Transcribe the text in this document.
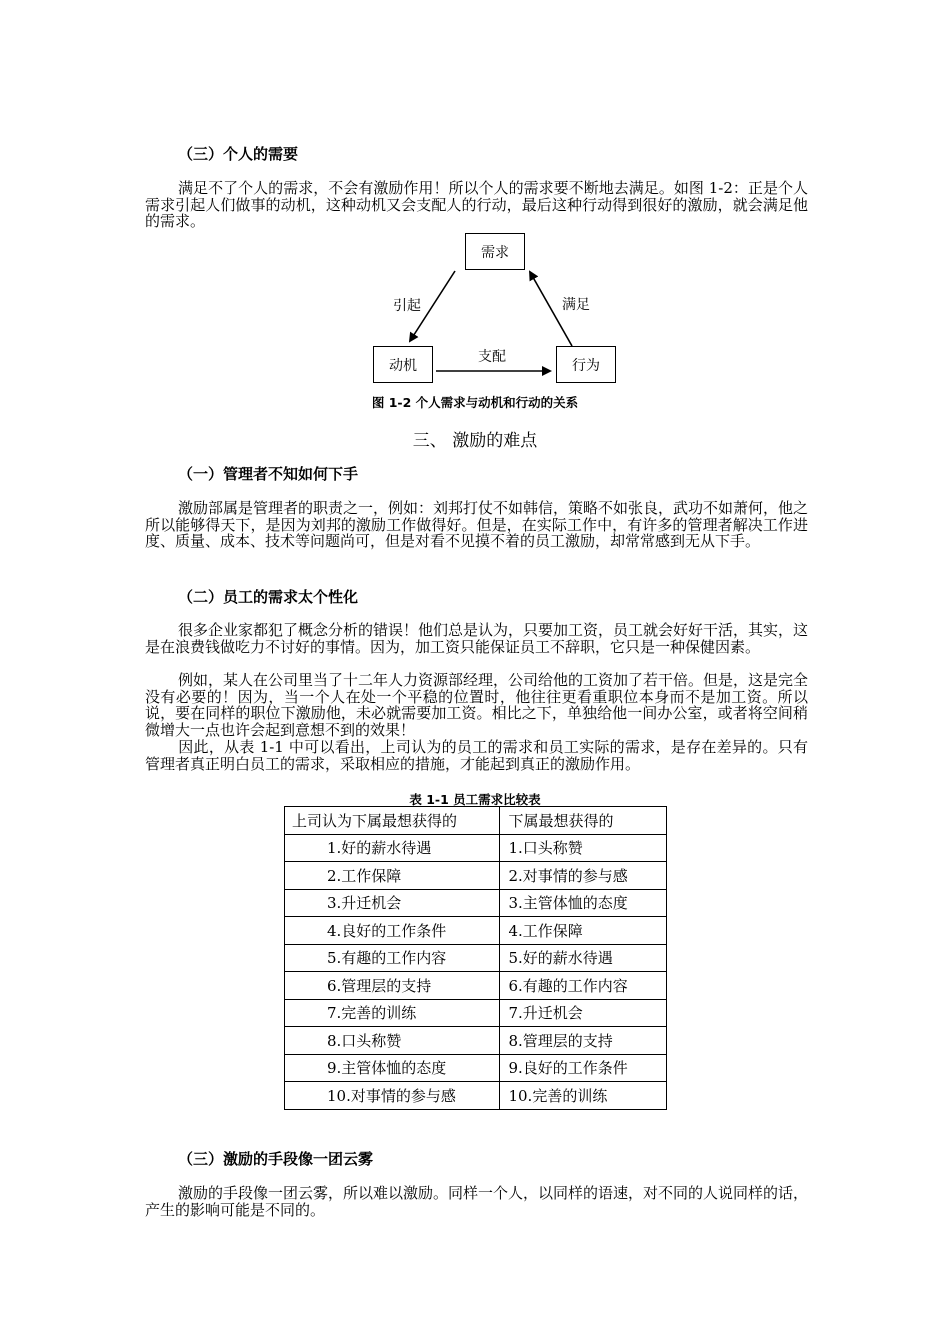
（三）个人的需要
满足不了个人的需求，不会有激励作用！所以个人的需求要不断地去满足。如图 1-2：正是个人需求引起人们做事的动机，这种动机又会支配人的行动，最后这种行动得到很好的激励，就会满足他的需求。
需求
动机	行为
引起	满足
支配
图 1-2 个人需求与动机和行动的关系
三、 激励的难点
（一）管理者不知如何下手
激励部属是管理者的职责之一，例如：刘邦打仗不如韩信，策略不如张良，武功不如萧何，他之所以能够得天下，是因为刘邦的激励工作做得好。但是，在实际工作中，有许多的管理者解决工作进度、质量、成本、技术等问题尚可，但是对看不见摸不着的员工激励，却常常感到无从下手。
（二）员工的需求太个性化
很多企业家都犯了概念分析的错误！他们总是认为，只要加工资，员工就会好好干活，其实，这是在浪费钱做吃力不讨好的事情。因为，加工资只能保证员工不辞职，它只是一种保健因素。
例如，某人在公司里当了十二年人力资源部经理，公司给他的工资加了若干倍。但是，这是完全没有必要的！因为，当一个人在处一个平稳的位置时，他往往更看重职位本身而不是加工资。所以说，要在同样的职位下激励他，未必就需要加工资。相比之下，单独给他一间办公室，或者将空间稍微增大一点也许会起到意想不到的效果！
因此，从表 1-1 中可以看出，上司认为的员工的需求和员工实际的需求，是存在差异的。只有管理者真正明白员工的需求，采取相应的措施，才能起到真正的激励作用。
表 1-1 员工需求比较表
上司认为下属最想获得的	下属最想获得的
1.好的薪水待遇	1.口头称赞
2.工作保障	2.对事情的参与感
3.升迁机会	3.主管体恤的态度
4.良好的工作条件	4.工作保障
5.有趣的工作内容	5.好的薪水待遇
6.管理层的支持	6.有趣的工作内容
7.完善的训练	7.升迁机会
8.口头称赞	8.管理层的支持
9.主管体恤的态度	9.良好的工作条件
10.对事情的参与感	10.完善的训练
（三）激励的手段像一团云雾
激励的手段像一团云雾，所以难以激励。同样一个人，以同样的语速，对不同的人说同样的话，产生的影响可能是不同的。
